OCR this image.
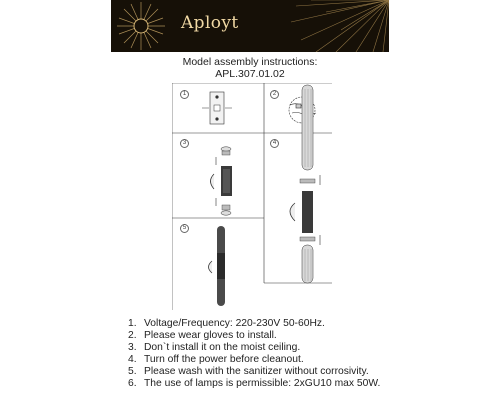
Aployt
Model assembly instructions:
APL.307.01.02
1	2
3	4
5
1. Voltage/Frequency: 220-230V 50-60Hz.
2. Please wear gloves to install.
3. Don`t install it on the moist ceiling.
4. Turn off the power before cleanout.
5. Please wash with the sanitizer without corrosivity.
6. The use of lamps is permissible: 2xGU10 max 50W.
